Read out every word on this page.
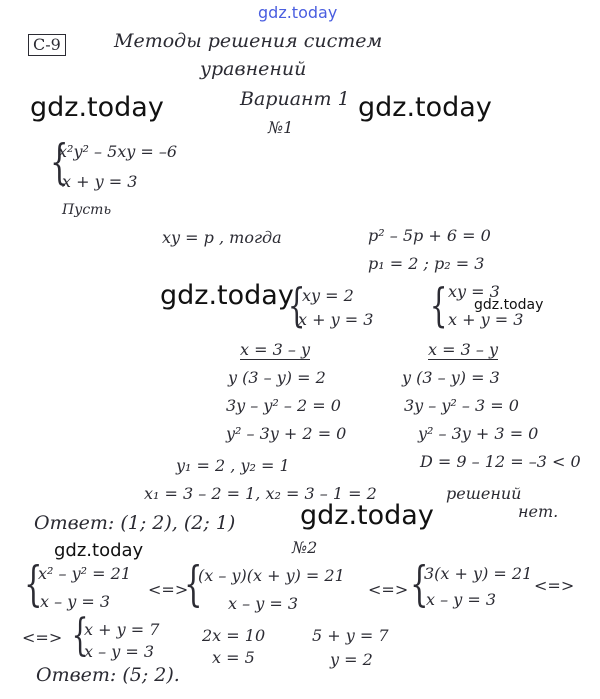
gdz.today
gdz.today	gdz.today
gdz.today	gdz.today
gdz.today
gdz.today
С-9	Методы решения систем
уравнений
Вариант 1
№1
{
x²y² – 5xy = –6
x + y = 3
Пусть
xy = p , тогда	p² – 5p + 6 = 0
p₁ = 2 ; p₂ = 3
{
xy = 2
x + y = 3 { xy = 3
x + y = 3
x = 3 – y
y (3 – y) = 2
3y – y² – 2 = 0
y² – 3y + 2 = 0
y₁ = 2 , y₂ = 1
x₁ = 3 – 2 = 1, x₂ = 3 – 1 = 2
x = 3 – y
y (3 – y) = 3
3y – y² – 3 = 0
y² – 3y + 3 = 0
D = 9 – 12 = –3 < 0
решений
нет.
Ответ: (1; 2), (2; 1)
№2
{
x² – y² = 21
x – y = 3
<=>
{
(x – y)(x + y) = 21
x – y = 3
<=> {
3(x + y) = 21
x – y = 3
<=>
<=> {
x + y = 7
x – y = 3
2x = 10
x = 5
5 + y = 7
y = 2
Ответ: (5; 2).
